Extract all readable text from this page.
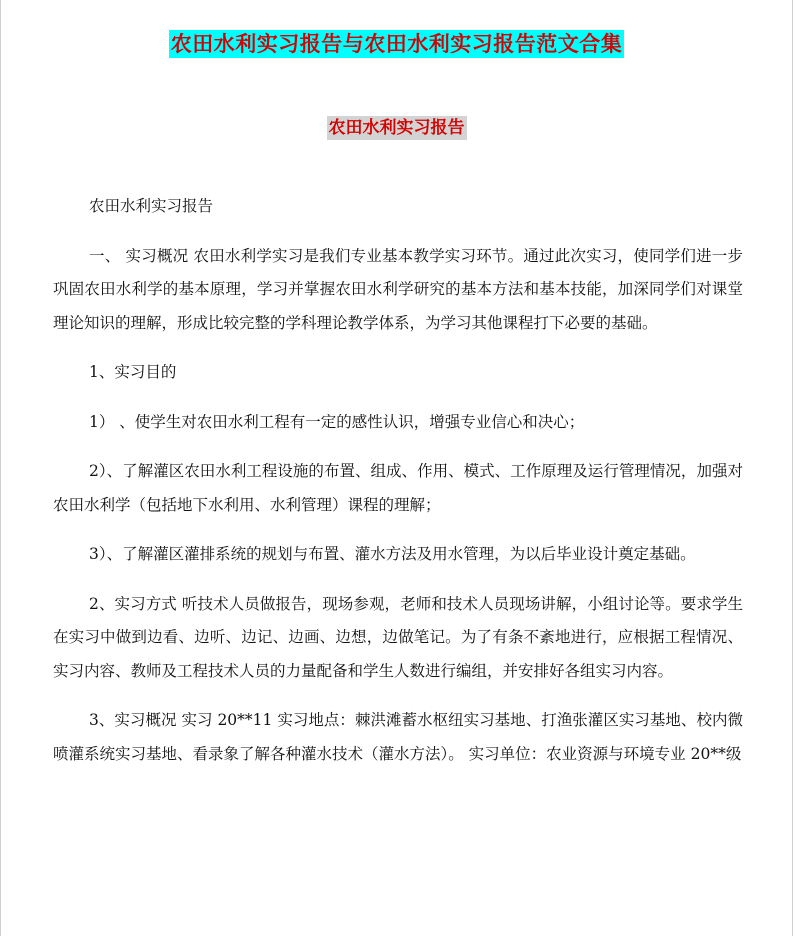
农田水利实习报告与农田水利实习报告范文合集
农田水利实习报告

农田水利实习报告

一、 实习概况 农田水利学实习是我们专业基本教学实习环节。通过此次实习，使同学们进一步巩固农田水利学的基本原理，学习并掌握农田水利学研究的基本方法和基本技能，加深同学们对课堂理论知识的理解，形成比较完整的学科理论教学体系，为学习其他课程打下必要的基础。

1、实习目的

1） 、使学生对农田水利工程有一定的感性认识，增强专业信心和决心；

2）、了解灌区农田水利工程设施的布置、组成、作用、模式、工作原理及运行管理情况，加强对农田水利学（包括地下水利用、水利管理）课程的理解；

3）、了解灌区灌排系统的规划与布置、灌水方法及用水管理，为以后毕业设计奠定基础。

2、实习方式 听技术人员做报告，现场参观，老师和技术人员现场讲解，小组讨论等。要求学生在实习中做到边看、边听、边记、边画、边想，边做笔记。为了有条不紊地进行，应根据工程情况、实习内容、教师及工程技术人员的力量配备和学生人数进行编组，并安排好各组实习内容。

3、实习概况 实习 20**11 实习地点：棘洪滩蓄水枢纽实习基地、打渔张灌区实习基地、校内微喷灌系统实习基地、看录象了解各种灌水技术（灌水方法）。 实习单位：农业资源与环境专业 20**级
